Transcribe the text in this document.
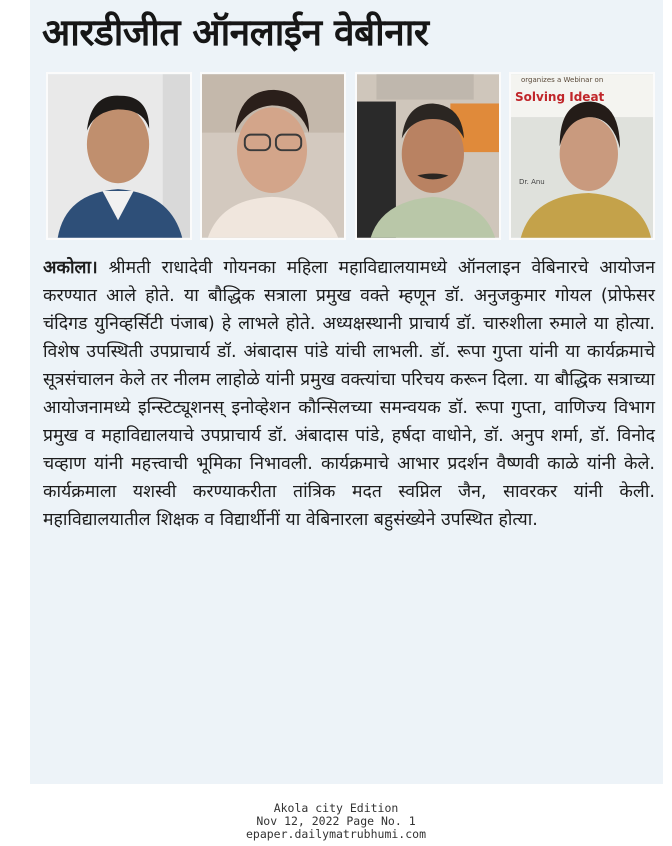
आरडीजीत ऑनलाईन वेबीनार
organizes a Webinar on
Solving Ideat
Dr. Anu

अकोला। श्रीमती राधादेवी गोयनका महिला महाविद्यालयामध्ये ऑनलाइन वेबिनारचे आयोजन करण्यात आले होते. या बौद्धिक सत्राला प्रमुख वक्ते म्हणून डॉ. अनुजकुमार गोयल (प्रोफेसर चंदिगड युनिव्हर्सिटी पंजाब) हे लाभले होते. अध्यक्षस्थानी प्राचार्य डॉ. चारुशीला रुमाले या होत्या. विशेष उपस्थिती उपप्राचार्य डॉ. अंबादास पांडे यांची लाभली. डॉ. रूपा गुप्ता यांनी या कार्यक्रमाचे सूत्रसंचालन केले तर नीलम लाहोळे यांनी प्रमुख वक्त्यांचा परिचय करून दिला. या बौद्धिक सत्राच्या आयोजनामध्ये इन्स्टिट्यूशनस् इनोव्हेशन कौन्सिलच्या समन्वयक डॉ. रूपा गुप्ता, वाणिज्य विभाग प्रमुख व महाविद्यालयाचे उपप्राचार्य डॉ. अंबादास पांडे, हर्षदा वाधोने, डॉ. अनुप शर्मा, डॉ. विनोद चव्हाण यांनी महत्त्वाची भूमिका निभावली. कार्यक्रमाचे आभार प्रदर्शन वैष्णवी काळे यांनी केले. कार्यक्रमाला यशस्वी करण्याकरीता तांत्रिक मदत स्वप्निल जैन, सावरकर यांनी केली. महाविद्यालयातील शिक्षक व विद्यार्थीनीं या वेबिनारला बहुसंख्येने उपस्थित होत्या.

Akola city Edition
Nov 12, 2022 Page No. 1
epaper.dailymatrubhumi.com
